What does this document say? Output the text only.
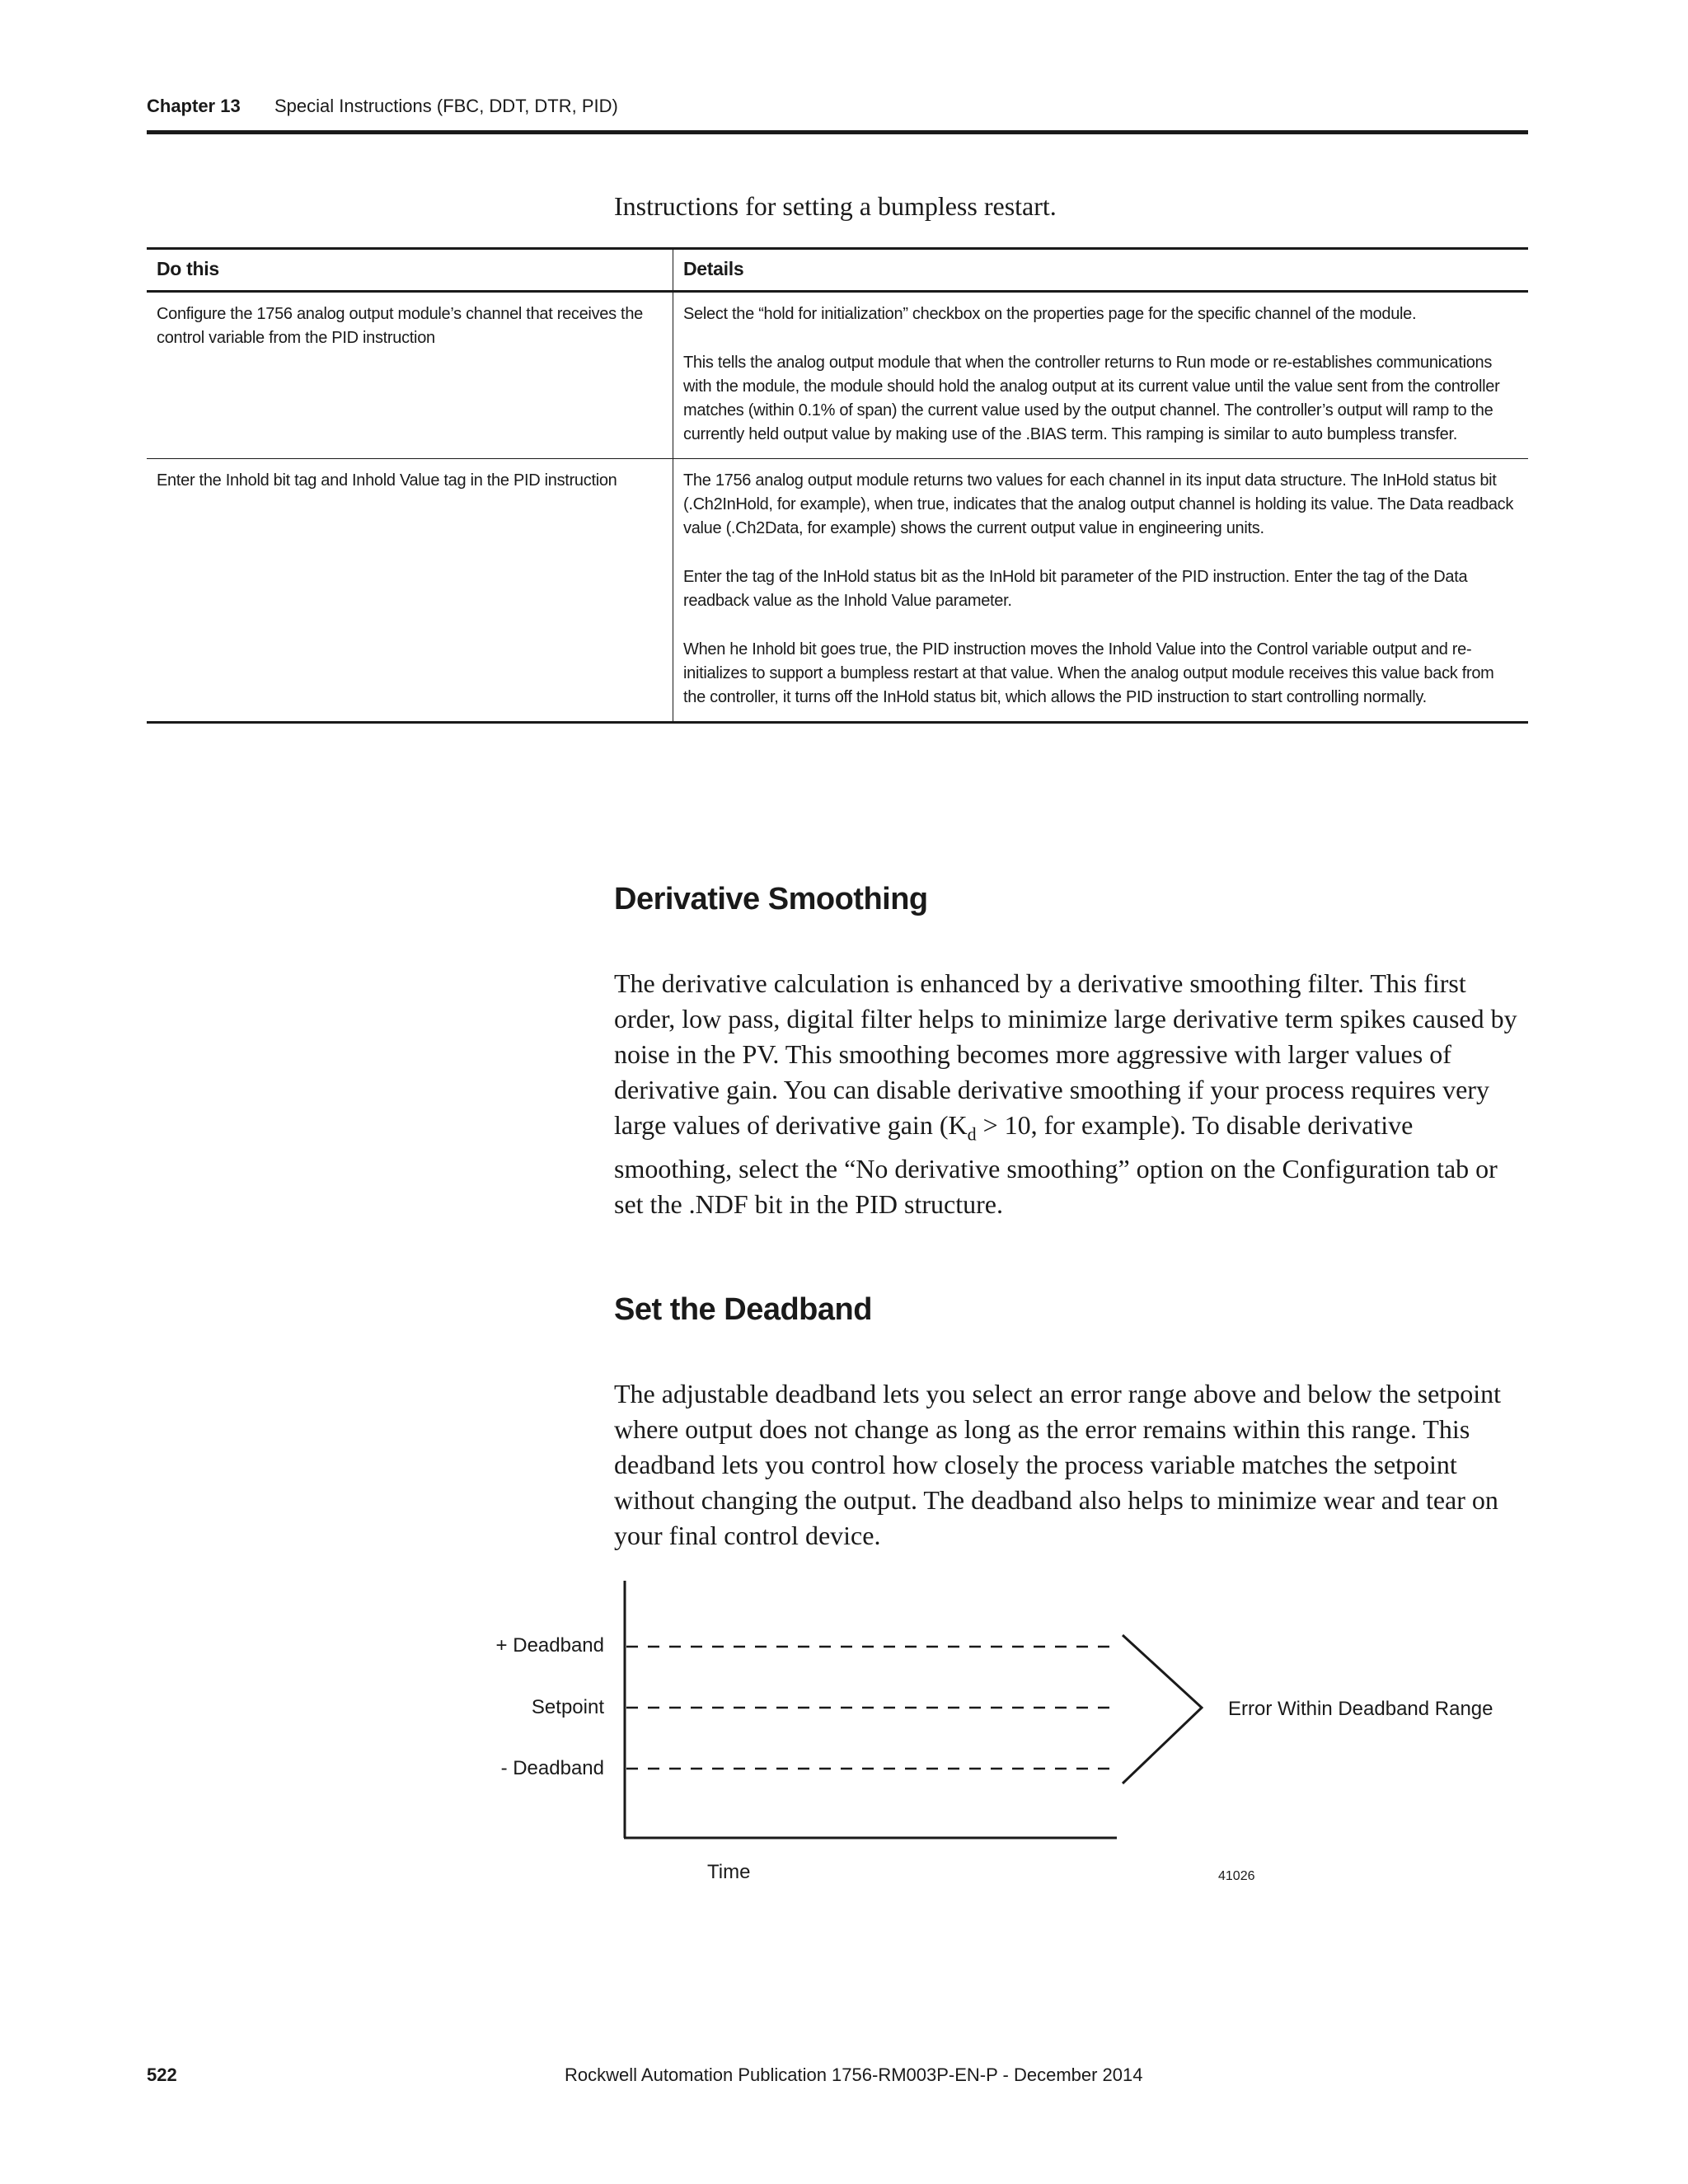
Chapter 13 Special Instructions (FBC, DDT, DTR, PID)
Instructions for setting a bumpless restart.
Do this	Details
Configure the 1756 analog output module’s channel that receives the control variable from the PID instruction	Select the “hold for initialization” checkbox on the properties page for the specific channel of the module.

This tells the analog output module that when the controller returns to Run mode or re-establishes communications with the module, the module should hold the analog output at its current value until the value sent from the controller matches (within 0.1% of span) the current value used by the output channel. The controller’s output will ramp to the currently held output value by making use of the .BIAS term. This ramping is similar to auto bumpless transfer.

Enter the Inhold bit tag and Inhold Value tag in the PID instruction	The 1756 analog output module returns two values for each channel in its input data structure. The InHold status bit (.Ch2InHold, for example), when true, indicates that the analog output channel is holding its value. The Data readback value (.Ch2Data, for example) shows the current output value in engineering units.

Enter the tag of the InHold status bit as the InHold bit parameter of the PID instruction. Enter the tag of the Data readback value as the Inhold Value parameter.

When he Inhold bit goes true, the PID instruction moves the Inhold Value into the Control variable output and re-initializes to support a bumpless restart at that value. When the analog output module receives this value back from the controller, it turns off the InHold status bit, which allows the PID instruction to start controlling normally.

Derivative Smoothing
The derivative calculation is enhanced by a derivative smoothing filter. This first order, low pass, digital filter helps to minimize large derivative term spikes caused by noise in the PV. This smoothing becomes more aggressive with larger values of derivative gain. You can disable derivative smoothing if your process requires very large values of derivative gain ($K_d > 10$, for example). To disable derivative smoothing, select the “No derivative smoothing” option on the Configuration tab or set the .NDF bit in the PID structure.
Set the Deadband
The adjustable deadband lets you select an error range above and below the setpoint where output does not change as long as the error remains within this range. This deadband lets you control how closely the process variable matches the setpoint without changing the output. The deadband also helps to minimize wear and tear on your final control device.
+ Deadband
Setpoint
- Deadband
Time
Error Within Deadband Range
41026
522	Rockwell Automation Publication 1756-RM003P-EN-P - December 2014
